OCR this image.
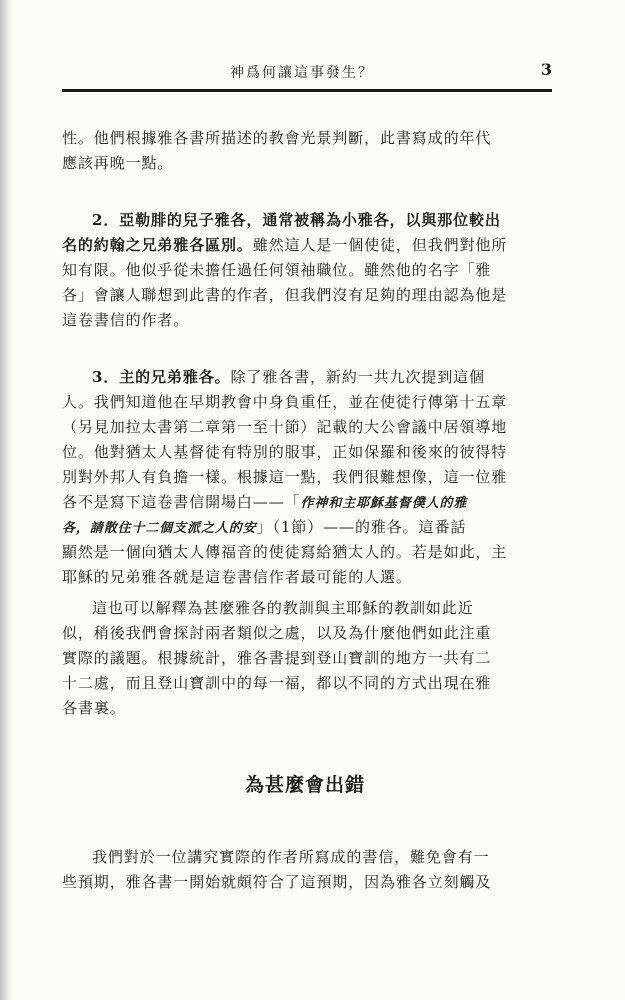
神爲何讓這事發生？	3
性。他們根據雅各書所描述的教會光景判斷，此書寫成的年代
應該再晚一點。
2．亞勒腓的兒子雅各，通常被稱為小雅各，以與那位較出
名的約翰之兄弟雅各區別。雖然這人是一個使徒，但我們對他所
知有限。他似乎從未擔任過任何領袖職位。雖然他的名字「雅
各」會讓人聯想到此書的作者，但我們沒有足夠的理由認為他是
這卷書信的作者。
3．主的兄弟雅各。除了雅各書，新約一共九次提到這個
人。我們知道他在早期教會中身負重任，並在使徒行傳第十五章
（另見加拉太書第二章第一至十節）記載的大公會議中居領導地
位。他對猶太人基督徒有特別的服事，正如保羅和後來的彼得特
別對外邦人有負擔一樣。根據這一點，我們很難想像，這一位雅
各不是寫下這卷書信開場白——「作神和主耶穌基督僕人的雅
各，請散住十二個支派之人的安」（1節）——的雅各。這番話
顯然是一個向猶太人傳福音的使徒寫給猶太人的。若是如此，主
耶穌的兄弟雅各就是這卷書信作者最可能的人選。
這也可以解釋為甚麼雅各的教訓與主耶穌的教訓如此近
似，稍後我們會探討兩者類似之處，以及為什麼他們如此注重
實際的議題。根據統計，雅各書提到登山寶訓的地方一共有二
十二處，而且登山寶訓中的每一福，都以不同的方式出現在雅
各書裏。
為甚麼會出錯
我們對於一位講究實際的作者所寫成的書信，難免會有一
些預期，雅各書一開始就頗符合了這預期，因為雅各立刻觸及
